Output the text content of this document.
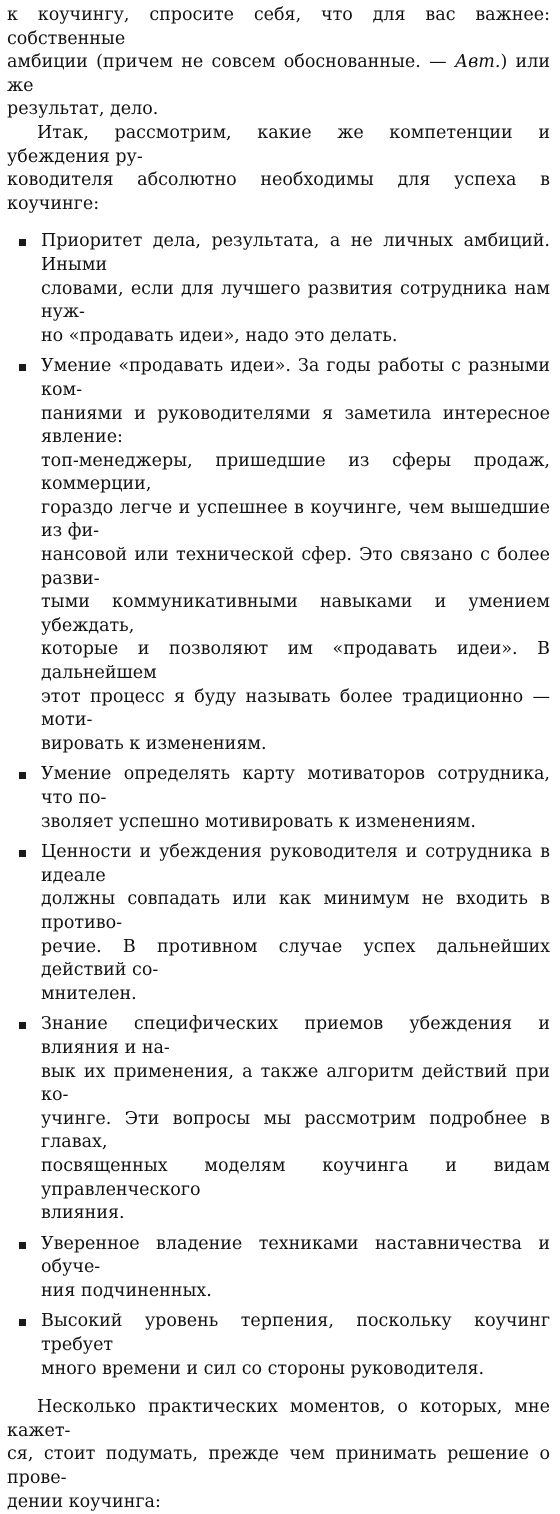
к коучингу, спросите себя, что для вас важнее: собственные
амбиции (причем не совсем обоснованные. — Авт.) или же
результат, дело.

Итак, рассмотрим, какие же компетенции и убеждения ру-
ководителя абсолютно необходимы для успеха в коучинге:

Приоритет дела, результата, а не личных амбиций. Иными
словами, если для лучшего развития сотрудника нам нуж-
но «продавать идеи», надо это делать.
Умение «продавать идеи». За годы работы с разными ком-
паниями и руководителями я заметила интересное явление:
топ-менеджеры, пришедшие из сферы продаж, коммерции,
гораздо легче и успешнее в коучинге, чем вышедшие из фи-
нансовой или технической сфер. Это связано с более разви-
тыми коммуникативными навыками и умением убеждать,
которые и позволяют им «продавать идеи». В дальнейшем
этот процесс я буду называть более традиционно — моти-
вировать к изменениям.
Умение определять карту мотиваторов сотрудника, что по-
зволяет успешно мотивировать к изменениям.
Ценности и убеждения руководителя и сотрудника в идеале
должны совпадать или как минимум не входить в противо-
речие. В противном случае успех дальнейших действий со-
мнителен.
Знание специфических приемов убеждения и влияния и на-
вык их применения, а также алгоритм действий при ко-
учинге. Эти вопросы мы рассмотрим подробнее в главах,
посвященных моделям коучинга и видам управленческого
влияния.
Уверенное владение техниками наставничества и обуче-
ния подчиненных.
Высокий уровень терпения, поскольку коучинг требует
много времени и сил со стороны руководителя.

Несколько практических моментов, о которых, мне кажет-
ся, стоит подумать, прежде чем принимать решение о прове-
дении коучинга:
